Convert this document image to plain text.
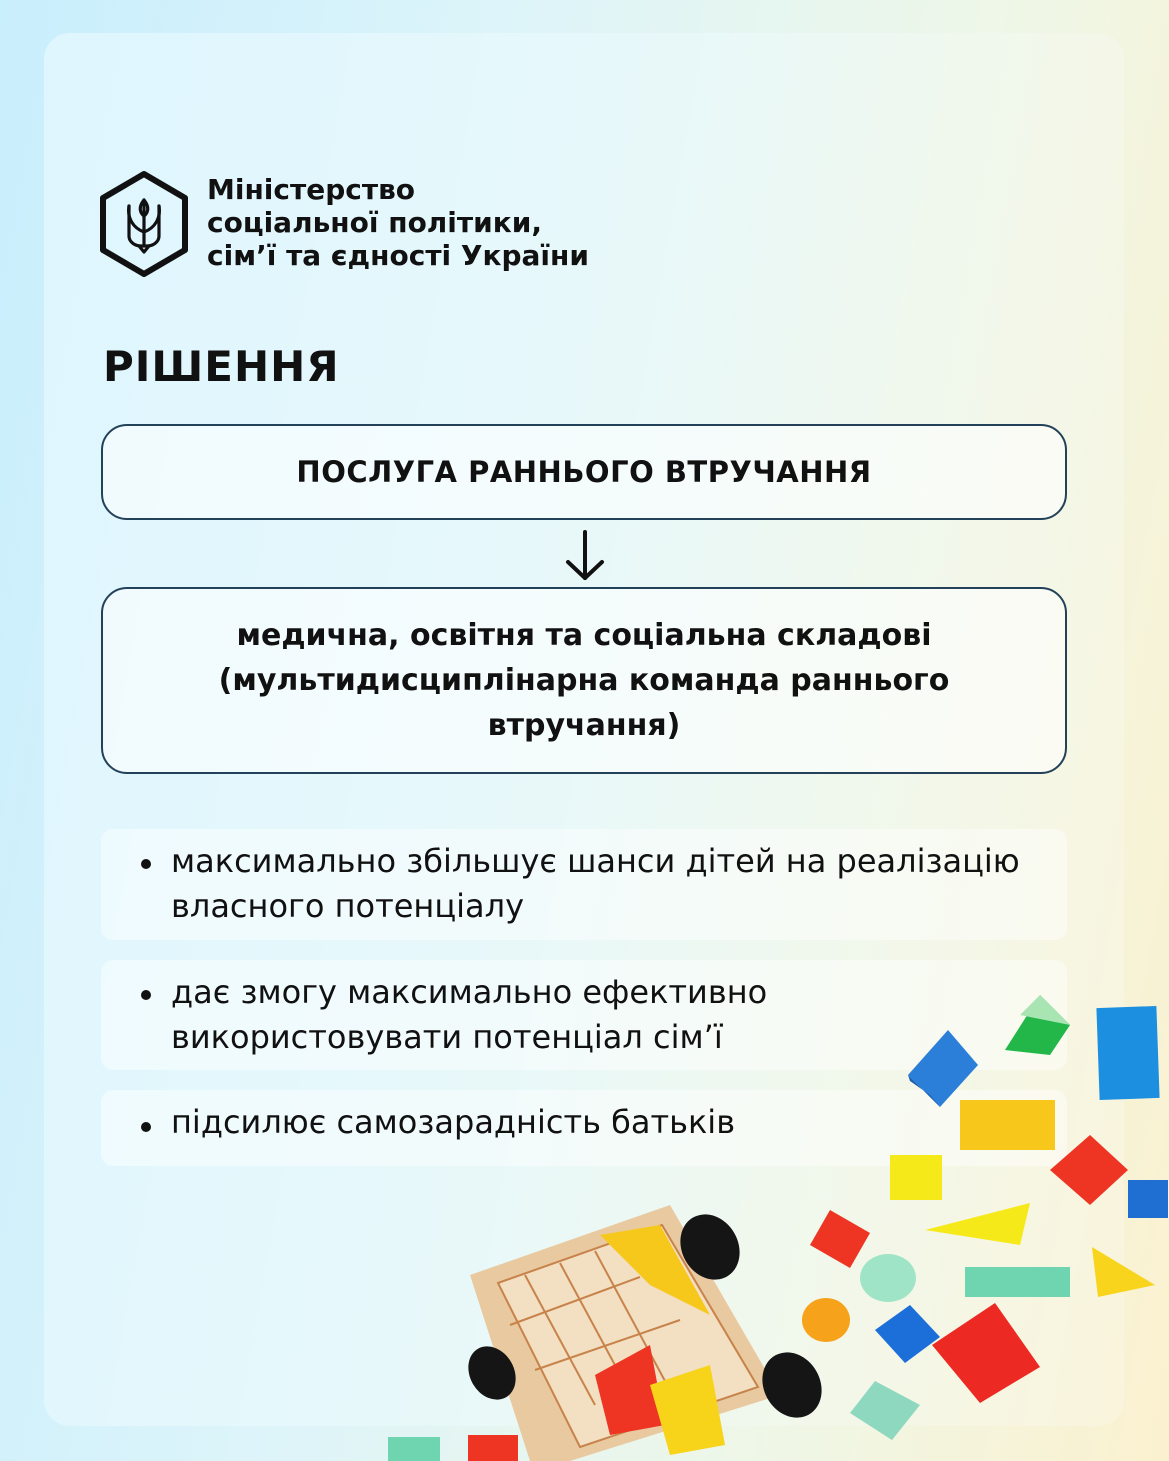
Міністерство
соціальної політики,
сім’ї та єдності України
РІШЕННЯ
ПОСЛУГА РАННЬОГО ВТРУЧАННЯ
медична, освітня та соціальна складові (мультидисциплінарна команда раннього втручання)
максимально збільшує шанси дітей на реалізацію власного потенціалу
дає змогу максимально ефективно використовувати потенціал сім’ї
підсилює самозарадність батьків
